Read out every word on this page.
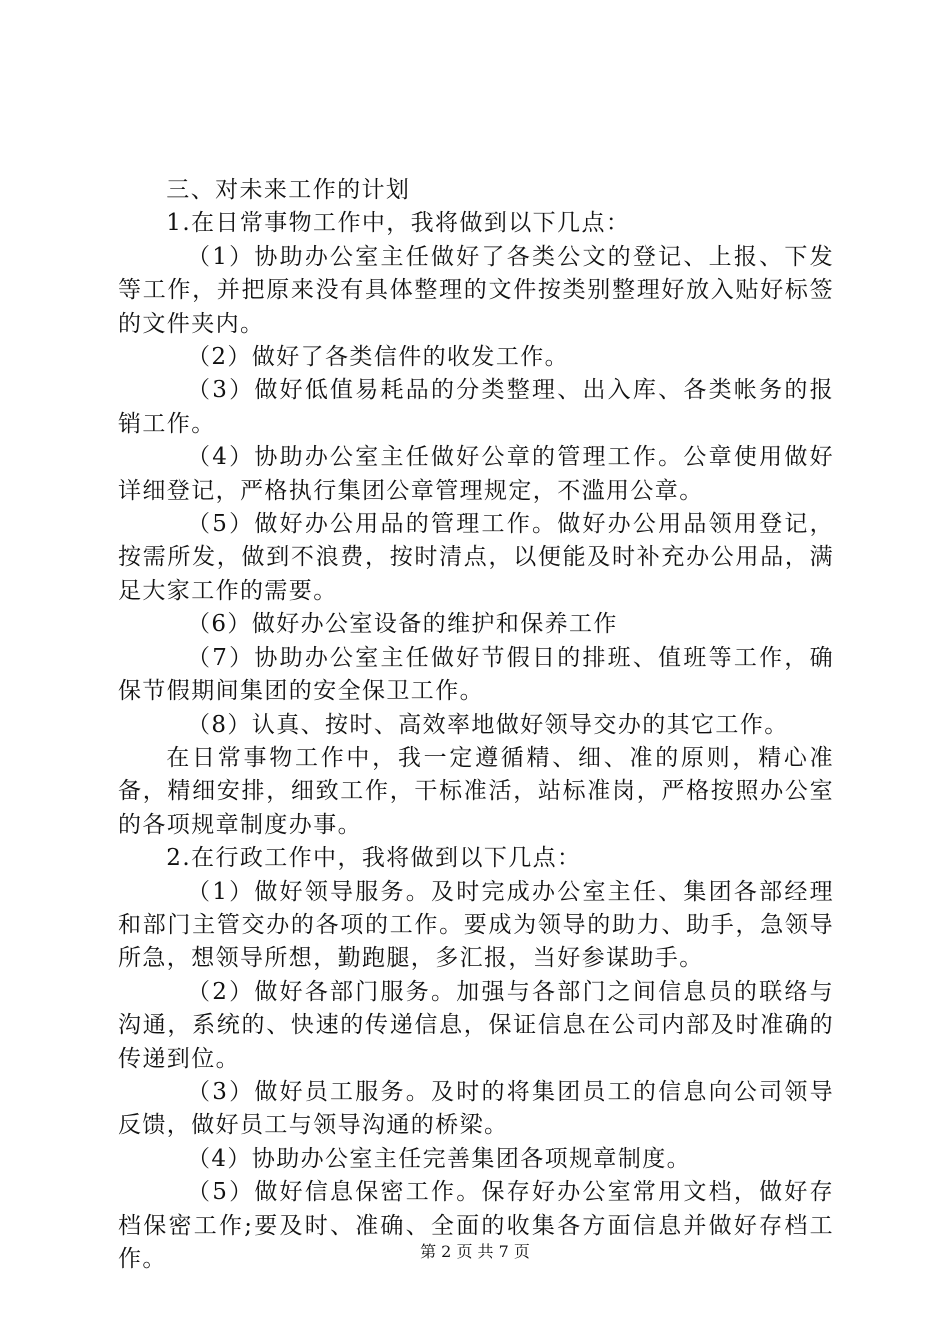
三、对未来工作的计划

1.在日常事物工作中，我将做到以下几点：

（1）协助办公室主任做好了各类公文的登记、上报、下发等工作，并把原来没有具体整理的文件按类别整理好放入贴好标签的文件夹内。

（2）做好了各类信件的收发工作。

（3）做好低值易耗品的分类整理、出入库、各类帐务的报销工作。

（4）协助办公室主任做好公章的管理工作。公章使用做好详细登记，严格执行集团公章管理规定，不滥用公章。

（5）做好办公用品的管理工作。做好办公用品领用登记，按需所发，做到不浪费，按时清点，以便能及时补充办公用品，满足大家工作的需要。

（6）做好办公室设备的维护和保养工作

（7）协助办公室主任做好节假日的排班、值班等工作，确保节假期间集团的安全保卫工作。

（8）认真、按时、高效率地做好领导交办的其它工作。

在日常事物工作中，我一定遵循精、细、准的原则，精心准备，精细安排，细致工作，干标准活，站标准岗，严格按照办公室的各项规章制度办事。

2.在行政工作中，我将做到以下几点：

（1）做好领导服务。及时完成办公室主任、集团各部经理和部门主管交办的各项的工作。要成为领导的助力、助手，急领导所急，想领导所想，勤跑腿，多汇报，当好参谋助手。

（2）做好各部门服务。加强与各部门之间信息员的联络与沟通，系统的、快速的传递信息，保证信息在公司内部及时准确的传递到位。

（3）做好员工服务。及时的将集团员工的信息向公司领导反馈，做好员工与领导沟通的桥梁。

（4）协助办公室主任完善集团各项规章制度。

（5）做好信息保密工作。保存好办公室常用文档，做好存档保密工作;要及时、准确、全面的收集各方面信息并做好存档工作。	第 2 页 共 7 页
